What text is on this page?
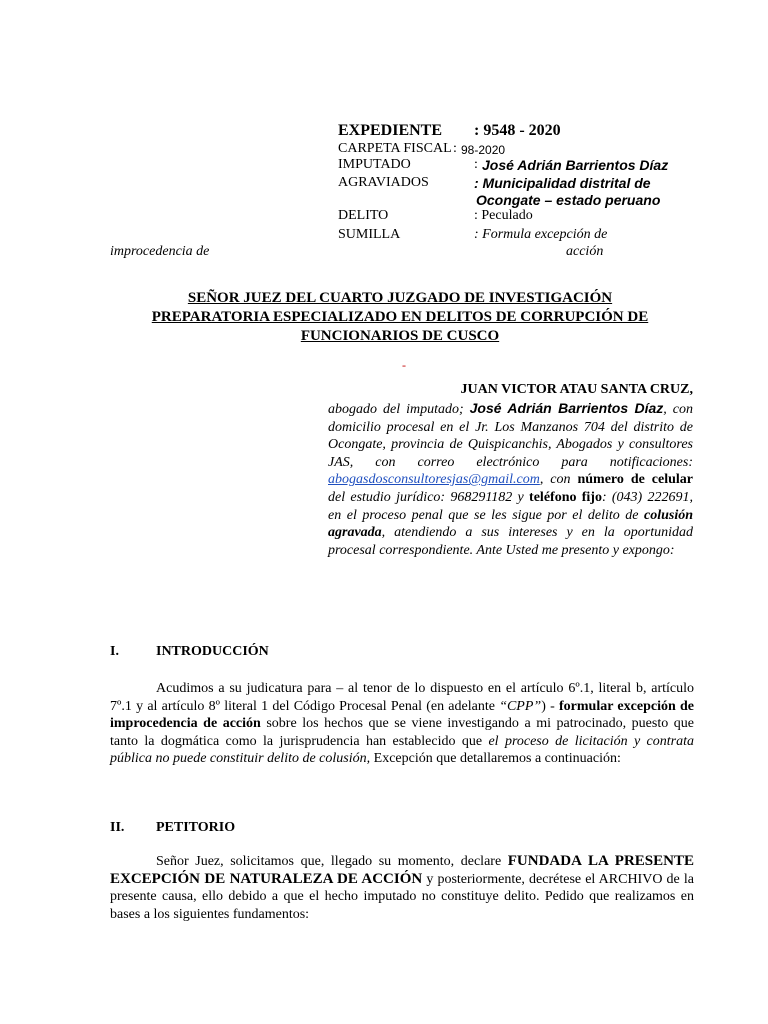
EXPEDIENTE : 9548 - 2020
CARPETA FISCAL : 98-2020
IMPUTADO	: José Adrián Barrientos Díaz
AGRAVIADOS	: Municipalidad distrital de
Ocongate – estado peruano
DELITO	: Peculado
SUMILLA	: Formula excepción de
improcedencia de	acción
SEÑOR JUEZ DEL CUARTO JUZGADO DE INVESTIGACIÓN
PREPARATORIA ESPECIALIZADO EN DELITOS DE CORRUPCIÓN DE
FUNCIONARIOS DE CUSCO
-
JUAN VICTOR ATAU SANTA CRUZ,
abogado del imputado; José Adrián Barrientos Díaz, con domicilio procesal en el Jr. Los Manzanos 704 del distrito de Ocongate, provincia de Quispicanchis, Abogados y consultores JAS, con correo electrónico para notificaciones: abogasdosconsultoresjas@gmail.com, con número de celular del estudio jurídico: 968291182 y teléfono fijo: (043) 222691, en el proceso penal que se les sigue por el delito de colusión agravada, atendiendo a sus intereses y en la oportunidad procesal correspondiente. Ante Usted me presento y expongo:
I.	INTRODUCCIÓN
Acudimos a su judicatura para – al tenor de lo dispuesto en el artículo 6º.1, literal b, artículo 7º.1 y al artículo 8º literal 1 del Código Procesal Penal (en adelante “CPP”) - formular excepción de improcedencia de acción sobre los hechos que se viene investigando a mi patrocinado, puesto que tanto la dogmática como la jurisprudencia han establecido que el proceso de licitación y contrata pública no puede constituir delito de colusión, Excepción que detallaremos a continuación:
II. PETITORIO
Señor Juez, solicitamos que, llegado su momento, declare FUNDADA LA PRESENTE EXCEPCIÓN DE NATURALEZA DE ACCIÓN y posteriormente, decrétese el ARCHIVO de la presente causa, ello debido a que el hecho imputado no constituye delito. Pedido que realizamos en bases a los siguientes fundamentos:
